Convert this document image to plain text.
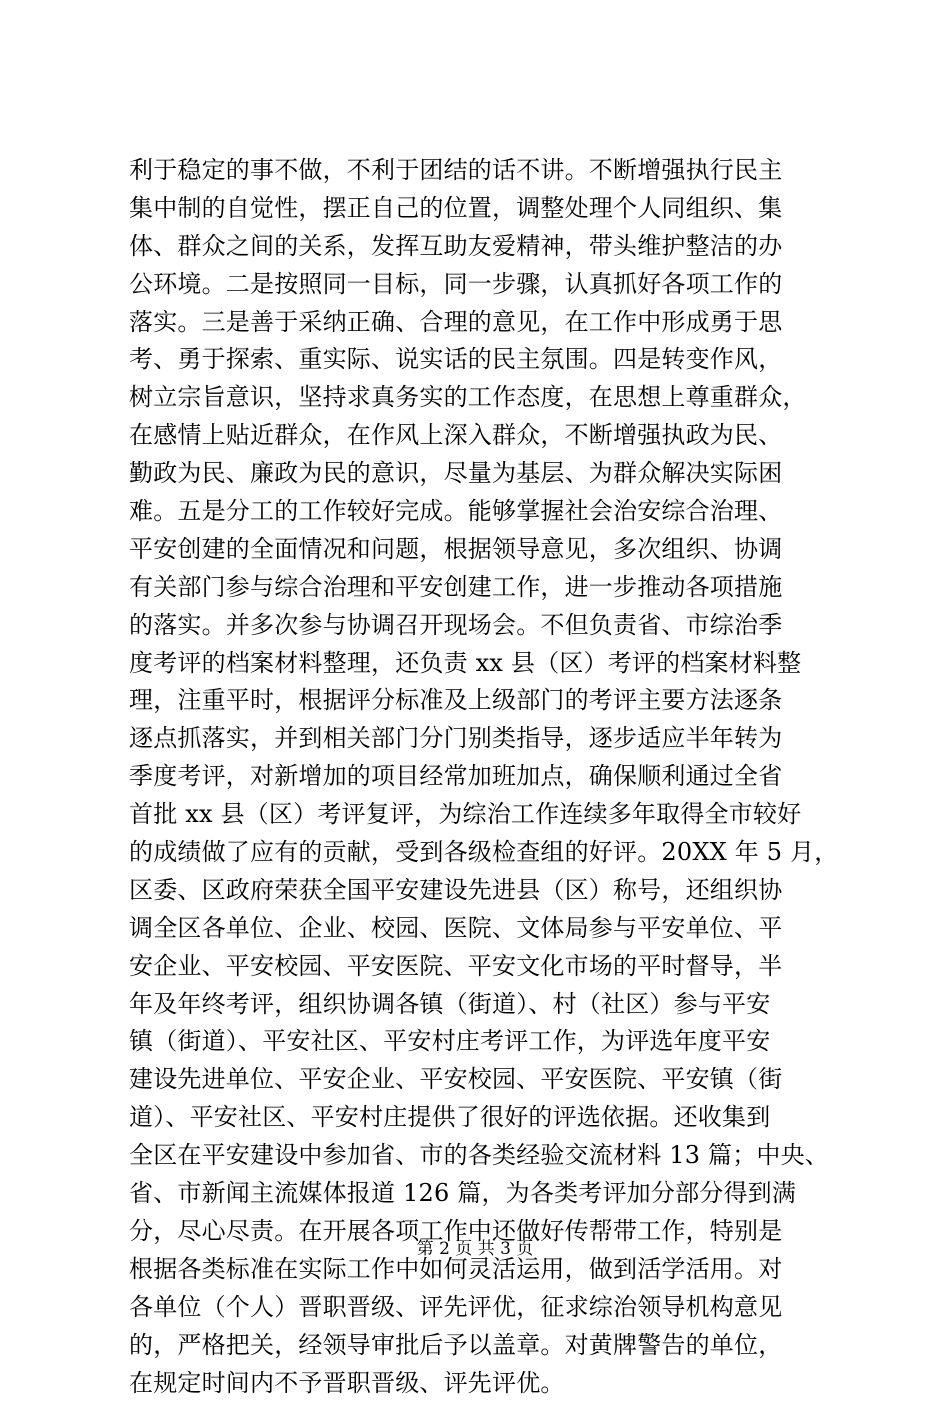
利于稳定的事不做，不利于团结的话不讲。不断增强执行民主
集中制的自觉性，摆正自己的位置，调整处理个人同组织、集
体、群众之间的关系，发挥互助友爱精神，带头维护整洁的办
公环境。二是按照同一目标，同一步骤，认真抓好各项工作的
落实。三是善于采纳正确、合理的意见，在工作中形成勇于思
考、勇于探索、重实际、说实话的民主氛围。四是转变作风，
树立宗旨意识，坚持求真务实的工作态度，在思想上尊重群众，
在感情上贴近群众，在作风上深入群众，不断增强执政为民、
勤政为民、廉政为民的意识，尽量为基层、为群众解决实际困
难。五是分工的工作较好完成。能够掌握社会治安综合治理、
平安创建的全面情况和问题，根据领导意见，多次组织、协调
有关部门参与综合治理和平安创建工作，进一步推动各项措施
的落实。并多次参与协调召开现场会。不但负责省、市综治季
度考评的档案材料整理，还负责 xx 县（区）考评的档案材料整
理，注重平时，根据评分标准及上级部门的考评主要方法逐条
逐点抓落实，并到相关部门分门别类指导，逐步适应半年转为
季度考评，对新增加的项目经常加班加点，确保顺利通过全省
首批 xx 县（区）考评复评，为综治工作连续多年取得全市较好
的成绩做了应有的贡献，受到各级检查组的好评。20XX 年 5 月，
区委、区政府荣获全国平安建设先进县（区）称号，还组织协
调全区各单位、企业、校园、医院、文体局参与平安单位、平
安企业、平安校园、平安医院、平安文化市场的平时督导，半
年及年终考评，组织协调各镇（街道）、村（社区）参与平安
镇（街道）、平安社区、平安村庄考评工作，为评选年度平安
建设先进单位、平安企业、平安校园、平安医院、平安镇（街
道）、平安社区、平安村庄提供了很好的评选依据。还收集到
全区在平安建设中参加省、市的各类经验交流材料 13 篇；中央、
省、市新闻主流媒体报道 126 篇，为各类考评加分部分得到满
分，尽心尽责。在开展各项工作中还做好传帮带工作，特别是
根据各类标准在实际工作中如何灵活运用，做到活学活用。对
各单位（个人）晋职晋级、评先评优，征求综治领导机构意见
的，严格把关，经领导审批后予以盖章。对黄牌警告的单位，
在规定时间内不予晋职晋级、评先评优。
第 2 页 共 3 页
